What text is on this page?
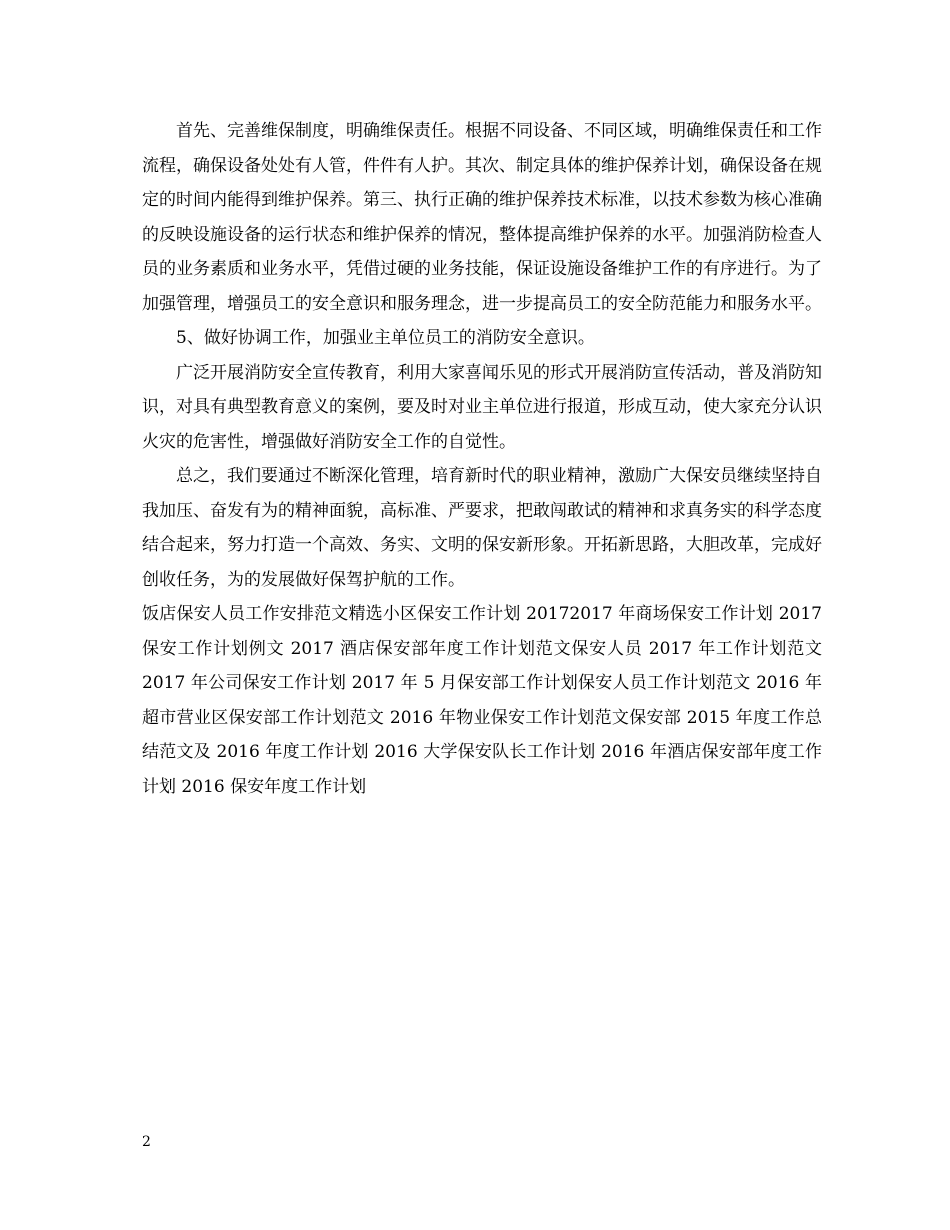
首先、完善维保制度，明确维保责任。根据不同设备、不同区域，明确维保责任和工作流程，确保设备处处有人管，件件有人护。其次、制定具体的维护保养计划，确保设备在规定的时间内能得到维护保养。第三、执行正确的维护保养技术标准，以技术参数为核心准确的反映设施设备的运行状态和维护保养的情况，整体提高维护保养的水平。加强消防检查人员的业务素质和业务水平，凭借过硬的业务技能，保证设施设备维护工作的有序进行。为了加强管理，增强员工的安全意识和服务理念，进一步提高员工的安全防范能力和服务水平。

5、做好协调工作，加强业主单位员工的消防安全意识。

广泛开展消防安全宣传教育，利用大家喜闻乐见的形式开展消防宣传活动，普及消防知识，对具有典型教育意义的案例，要及时对业主单位进行报道，形成互动，使大家充分认识火灾的危害性，增强做好消防安全工作的自觉性。

总之，我们要通过不断深化管理，培育新时代的职业精神，激励广大保安员继续坚持自我加压、奋发有为的精神面貌，高标准、严要求，把敢闯敢试的精神和求真务实的科学态度结合起来，努力打造一个高效、务实、文明的保安新形象。开拓新思路，大胆改革，完成好创收任务，为的发展做好保驾护航的工作。

饭店保安人员工作安排范文精选小区保安工作计划 20172017 年商场保安工作计划 2017 保安工作计划例文 2017 酒店保安部年度工作计划范文保安人员 2017 年工作计划范文 2017 年公司保安工作计划 2017 年 5 月保安部工作计划保安人员工作计划范文 2016 年超市营业区保安部工作计划范文 2016 年物业保安工作计划范文保安部 2015 年度工作总结范文及 2016 年度工作计划 2016 大学保安队长工作计划 2016 年酒店保安部年度工作计划 2016 保安年度工作计划

2
